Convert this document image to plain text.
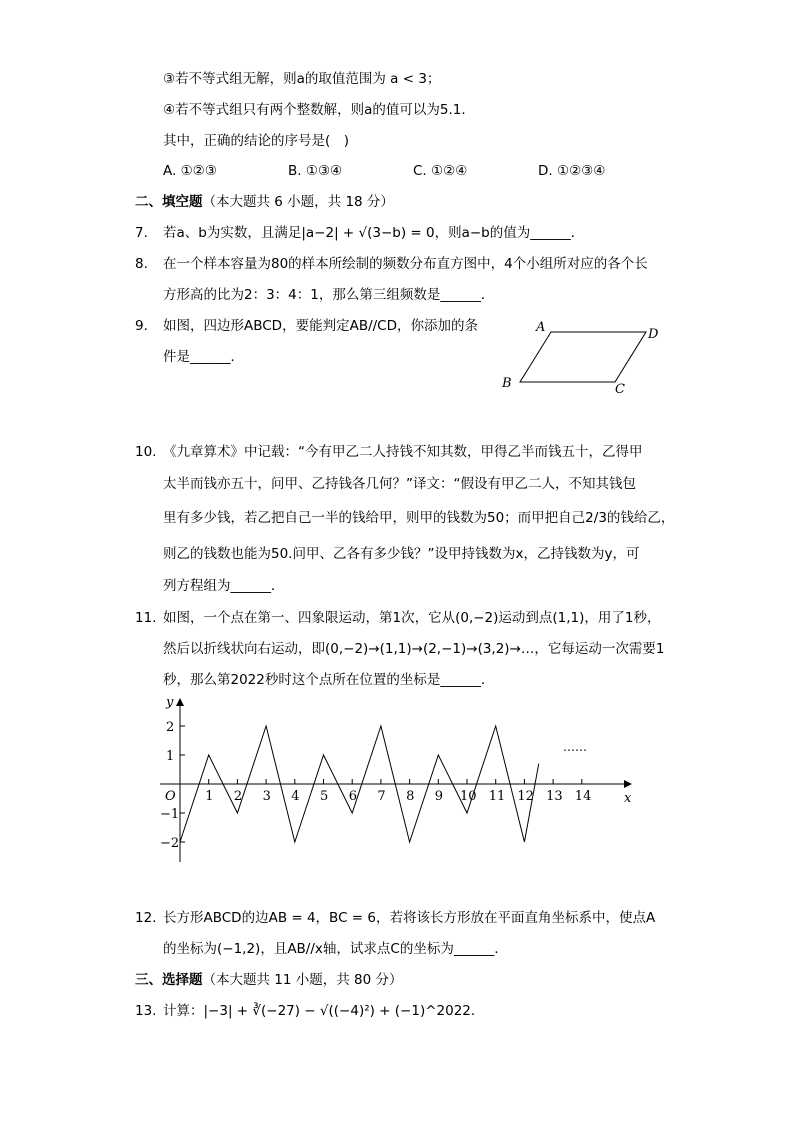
③若不等式组无解，则a的取值范围为 a < 3；
④若不等式组只有两个整数解，则a的值可以为5.1．
其中，正确的结论的序号是(　)
A. ①②③	B. ①③④	C. ①②④	D. ①②③④
二、填空题（本大题共 6 小题，共 18 分）
7. 若a、b为实数，且满足|a−2| + √(3−b) = 0，则a−b的值为______．
8. 在一个样本容量为80的样本所绘制的频数分布直方图中，4个小组所对应的各个长
方形高的比为2：3：4：1，那么第三组频数是______．
9. 如图，四边形ABCD，要能判定AB//CD，你添加的条
件是______．
A
B	C
D
10. 《九章算术》中记载：“今有甲乙二人持钱不知其数，甲得乙半而钱五十，乙得甲
太半而钱亦五十，问甲、乙持钱各几何？”译文：“假设有甲乙二人，不知其钱包
里有多少钱，若乙把自己一半的钱给甲，则甲的钱数为50；而甲把自己2/3的钱给乙，
则乙的钱数也能为50.问甲、乙各有多少钱？”设甲持钱数为x，乙持钱数为y，可
列方程组为______．
11. 如图，一个点在第一、四象限运动，第1次，它从(0,−2)运动到点(1,1)，用了1秒，
然后以折线状向右运动，即(0,−2)→(1,1)→(2,−1)→(3,2)→…，它每运动一次需要1
秒，那么第2022秒时这个点所在位置的坐标是______．
y
x
O
……
1 2 3 4 5 6 7 8 9 10 11 12 13 14
2
1
−1
−2
12. 长方形ABCD的边AB = 4，BC = 6，若将该长方形放在平面直角坐标系中，使点A
的坐标为(−1,2)，且AB//x轴，试求点C的坐标为______．
三、选择题（本大题共 11 小题，共 80 分）
13. 计算：|−3| + ∛(−27) − √((−4)²) + (−1)^2022．
